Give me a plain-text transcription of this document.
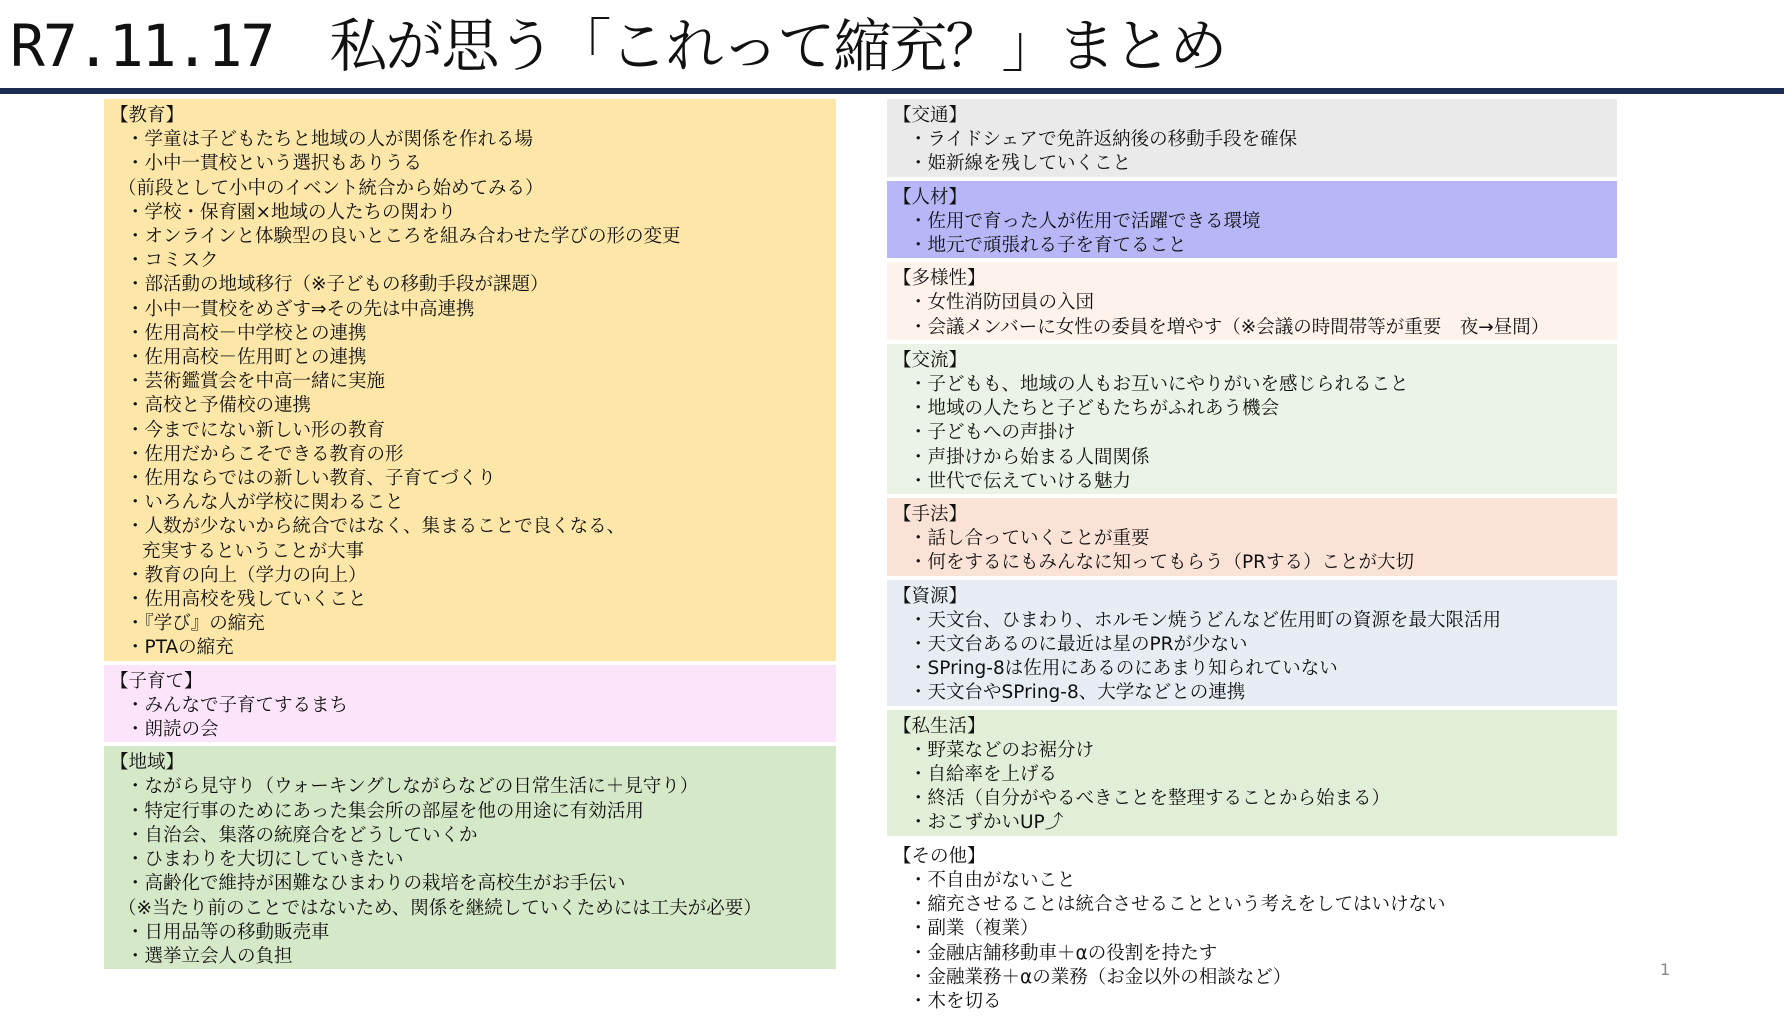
R7.11.17　私が思う「これって縮充？」まとめ
【教育】
・学童は子どもたちと地域の人が関係を作れる場
・小中一貫校という選択もありうる
（前段として小中のイベント統合から始めてみる）
・学校・保育園×地域の人たちの関わり
・オンラインと体験型の良いところを組み合わせた学びの形の変更
・コミスク
・部活動の地域移行（※子どもの移動手段が課題）
・小中一貫校をめざす⇒その先は中高連携
・佐用高校－中学校との連携
・佐用高校－佐用町との連携
・芸術鑑賞会を中高一緒に実施
・高校と予備校の連携
・今までにない新しい形の教育
・佐用だからこそできる教育の形
・佐用ならではの新しい教育、子育てづくり
・いろんな人が学校に関わること
・人数が少ないから統合ではなく、集まることで良くなる、
充実するということが大事
・教育の向上（学力の向上）
・佐用高校を残していくこと
・『学び』の縮充
・PTAの縮充
【子育て】
・みんなで子育てするまち
・朗読の会
【地域】
・ながら見守り（ウォーキングしながらなどの日常生活に＋見守り）
・特定行事のためにあった集会所の部屋を他の用途に有効活用
・自治会、集落の統廃合をどうしていくか
・ひまわりを大切にしていきたい
・高齢化で維持が困難なひまわりの栽培を高校生がお手伝い
（※当たり前のことではないため、関係を継続していくためには工夫が必要）
・日用品等の移動販売車
・選挙立会人の負担
【交通】
・ライドシェアで免許返納後の移動手段を確保
・姫新線を残していくこと
【人材】
・佐用で育った人が佐用で活躍できる環境
・地元で頑張れる子を育てること
【多様性】
・女性消防団員の入団
・会議メンバーに女性の委員を増やす（※会議の時間帯等が重要　夜→昼間）
【交流】
・子どもも、地域の人もお互いにやりがいを感じられること
・地域の人たちと子どもたちがふれあう機会
・子どもへの声掛け
・声掛けから始まる人間関係
・世代で伝えていける魅力
【手法】
・話し合っていくことが重要
・何をするにもみんなに知ってもらう（PRする）ことが大切
【資源】
・天文台、ひまわり、ホルモン焼うどんなど佐用町の資源を最大限活用
・天文台あるのに最近は星のPRが少ない
・SPring-8は佐用にあるのにあまり知られていない
・天文台やSPring-8、大学などとの連携
【私生活】
・野菜などのお裾分け
・自給率を上げる
・終活（自分がやるべきことを整理することから始まる）
・おこずかいUP⤴
【その他】
・不自由がないこと
・縮充させることは統合させることという考えをしてはいけない
・副業（複業）
・金融店舗移動車＋αの役割を持たす
・金融業務＋αの業務（お金以外の相談など）
・木を切る
1
